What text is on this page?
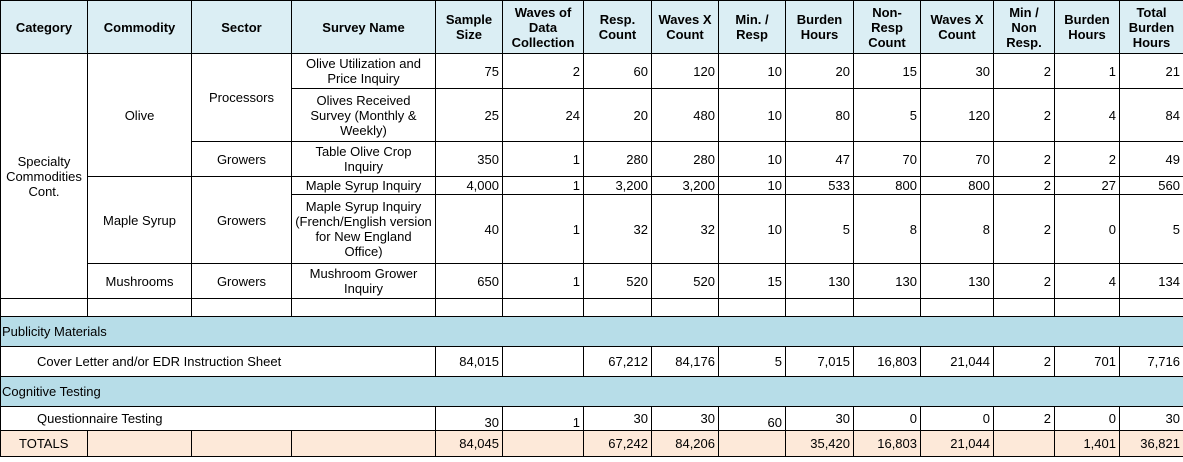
Category	Commodity	Sector	Survey Name	Sample Size	Waves of Data Collection	Resp. Count	Waves X Count	Min. / Resp	Burden Hours	Non-Resp Count	Waves X Count	Min / Non Resp.	Burden Hours	Total Burden Hours
Specialty Commodities Cont.	Olive	Processors	Olive Utilization and Price Inquiry	75	2	60	120	10	20	15	30	2	1	21
			Olives Received Survey (Monthly & Weekly)	25	24	20	480	10	80	5	120	2	4	84
		Growers	Table Olive Crop Inquiry	350	1	280	280	10	47	70	70	2	2	49
	Maple Syrup	Growers	Maple Syrup Inquiry	4,000	1	3,200	3,200	10	533	800	800	2	27	560
			Maple Syrup Inquiry (French/English version for New England Office)	40	1	32	32	10	5	8	8	2	0	5
	Mushrooms	Growers	Mushroom Grower Inquiry	650	1	520	520	15	130	130	130	2	4	134

Publicity Materials														
Cover Letter and/or EDR Instruction Sheet				84,015		67,212	84,176	5	7,015	16,803	21,044	2	701	7,716
Cognitive Testing														
Questionnaire Testing				30	1	30	30	60	30	0	0	2	0	30
TOTALS				84,045		67,242	84,206		35,420	16,803	21,044		1,401	36,821
